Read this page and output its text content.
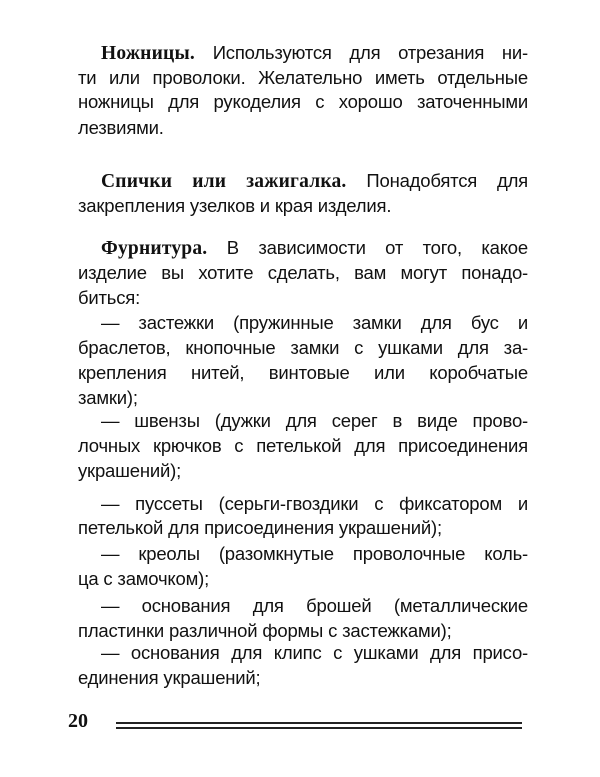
Ножницы. Используются для отрезания ни-
ти или проволоки. Желательно иметь отдельные
ножницы для рукоделия с хорошо заточенными
лезвиями.
Спички или зажигалка. Понадобятся для
закрепления узелков и края изделия.
Фурнитура. В зависимости от того, какое
изделие вы хотите сделать, вам могут понадо-
биться:
— застежки (пружинные замки для бус и
браслетов, кнопочные замки с ушками для за-
крепления нитей, винтовые или коробчатые
замки);
— швензы (дужки для серег в виде прово-
лочных крючков с петелькой для присоединения
украшений);
— пуссеты (серьги-гвоздики с фиксатором и
петелькой для присоединения украшений);
— креолы (разомкнутые проволочные коль-
ца с замочком);
— основания для брошей (металлические
пластинки различной формы с застежками);
— основания для клипс с ушками для присо-
единения украшений;
20
